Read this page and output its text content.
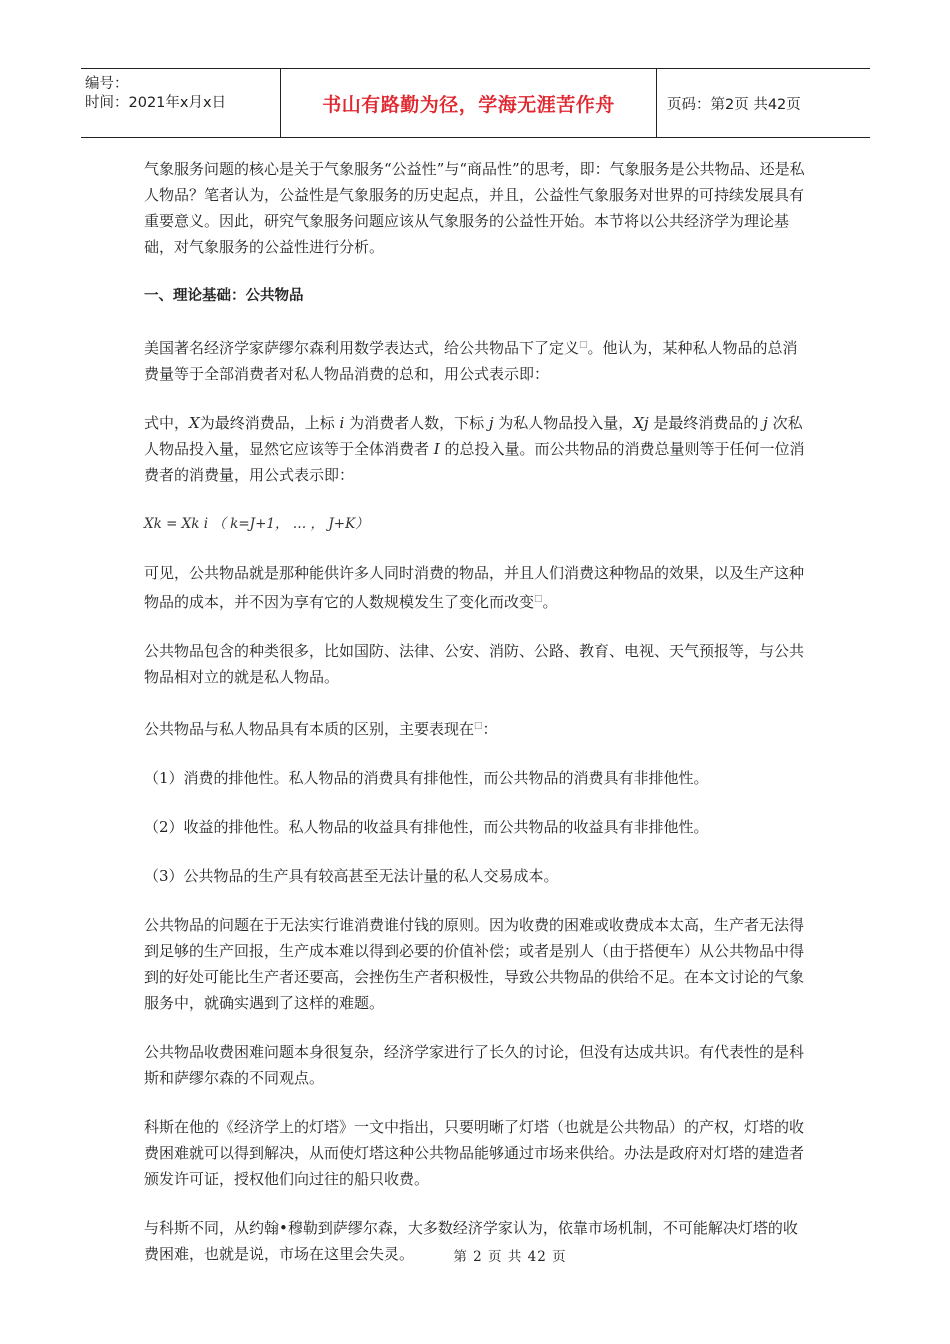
编号：
时间：2021年x月x日	书山有路勤为径，学海无涯苦作舟	页码：第2页 共42页

气象服务问题的核心是关于气象服务“公益性”与“商品性”的思考，即：气象服务是公共物品、还是私人物品？笔者认为，公益性是气象服务的历史起点，并且，公益性气象服务对世界的可持续发展具有重要意义。因此，研究气象服务问题应该从气象服务的公益性开始。本节将以公共经济学为理论基础，对气象服务的公益性进行分析。

一、理论基础：公共物品

美国著名经济学家萨缪尔森利用数学表达式，给公共物品下了定义□。他认为，某种私人物品的总消费量等于全部消费者对私人物品消费的总和，用公式表示即：

式中，X为最终消费品，上标 i 为消费者人数，下标 j 为私人物品投入量，Xj 是最终消费品的 j 次私人物品投入量，显然它应该等于全体消费者 I 的总投入量。而公共物品的消费总量则等于任何一位消费者的消费量，用公式表示即：

Xk = Xk i （ k=J+1， … ， J+K）

可见，公共物品就是那种能供许多人同时消费的物品，并且人们消费这种物品的效果，以及生产这种物品的成本，并不因为享有它的人数规模发生了变化而改变□。

公共物品包含的种类很多，比如国防、法律、公安、消防、公路、教育、电视、天气预报等，与公共物品相对立的就是私人物品。

公共物品与私人物品具有本质的区别，主要表现在□：

（1）消费的排他性。私人物品的消费具有排他性，而公共物品的消费具有非排他性。

（2）收益的排他性。私人物品的收益具有排他性，而公共物品的收益具有非排他性。

（3）公共物品的生产具有较高甚至无法计量的私人交易成本。

公共物品的问题在于无法实行谁消费谁付钱的原则。因为收费的困难或收费成本太高，生产者无法得到足够的生产回报，生产成本难以得到必要的价值补偿；或者是别人（由于搭便车）从公共物品中得到的好处可能比生产者还要高，会挫伤生产者积极性，导致公共物品的供给不足。在本文讨论的气象服务中，就确实遇到了这样的难题。

公共物品收费困难问题本身很复杂，经济学家进行了长久的讨论，但没有达成共识。有代表性的是科斯和萨缪尔森的不同观点。

科斯在他的《经济学上的灯塔》一文中指出，只要明晰了灯塔（也就是公共物品）的产权，灯塔的收费困难就可以得到解决，从而使灯塔这种公共物品能够通过市场来供给。办法是政府对灯塔的建造者颁发许可证，授权他们向过往的船只收费。

与科斯不同，从约翰•穆勒到萨缪尔森，大多数经济学家认为，依靠市场机制，不可能解决灯塔的收费困难，也就是说，市场在这里会失灵。	第 2 页 共 42 页
